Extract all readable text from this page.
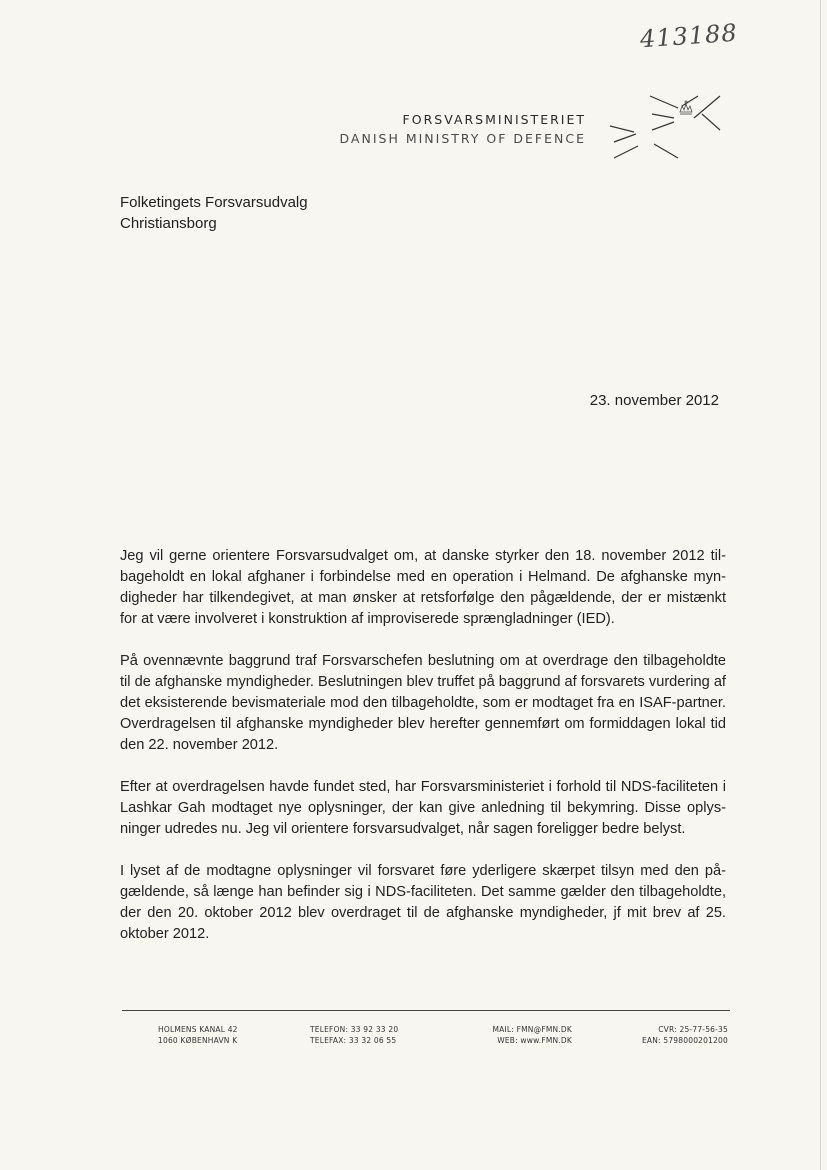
413188
FORSVARSMINISTERIET
DANISH MINISTRY OF DEFENCE
Folketingets Forsvarsudvalg
Christiansborg
23. november 2012

Jeg vil gerne orientere Forsvarsudvalget om, at danske styrker den 18. november 2012 tilbageholdt en lokal afghaner i forbindelse med en operation i Helmand. De afghanske myndigheder har tilkendegivet, at man ønsker at retsforfølge den pågældende, der er mistænkt for at være involveret i konstruktion af improviserede sprængladninger (IED).

På ovennævnte baggrund traf Forsvarschefen beslutning om at overdrage den tilbageholdte til de afghanske myndigheder. Beslutningen blev truffet på baggrund af forsvarets vurdering af det eksisterende bevismateriale mod den tilbageholdte, som er modtaget fra en ISAF-partner. Overdragelsen til afghanske myndigheder blev herefter gennemført om formiddagen lokal tid den 22. november 2012.

Efter at overdragelsen havde fundet sted, har Forsvarsministeriet i forhold til NDS-faciliteten i Lashkar Gah modtaget nye oplysninger, der kan give anledning til bekymring. Disse oplysninger udredes nu. Jeg vil orientere forsvarsudvalget, når sagen foreligger bedre belyst.

I lyset af de modtagne oplysninger vil forsvaret føre yderligere skærpet tilsyn med den pågældende, så længe han befinder sig i NDS-faciliteten. Det samme gælder den tilbageholdte, der den 20. oktober 2012 blev overdraget til de afghanske myndigheder, jf mit brev af 25. oktober 2012.

HOLMENS KANAL 42
1060 KØBENHAVN K
TELEFON: 33 92 33 20
TELEFAX: 33 32 06 55
MAIL: FMN@FMN.DK
WEB: www.FMN.DK
CVR: 25-77-56-35
EAN: 5798000201200
